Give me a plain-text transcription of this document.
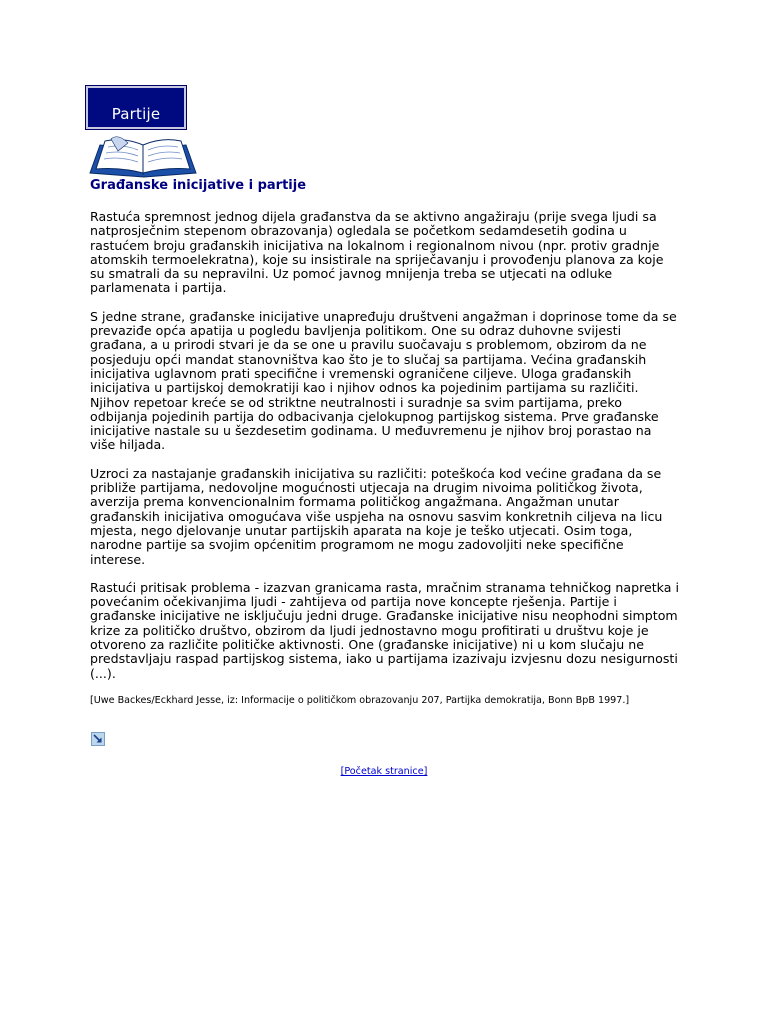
Partije
Građanske inicijative i partije

Rastuća spremnost jednog dijela građanstva da se aktivno angažiraju (prije svega ljudi sa natprosječnim stepenom obrazovanja) ogledala se početkom sedamdesetih godina u rastućem broju građanskih inicijativa na lokalnom i regionalnom nivou (npr. protiv gradnje atomskih termoelekratna), koje su insistirale na spriječavanju i provođenju planova za koje su smatrali da su nepravilni. Uz pomoć javnog mnijenja treba se utjecati na odluke parlamenata i partija.

S jedne strane, građanske inicijative unapređuju društveni angažman i doprinose tome da se prevaziđe opća apatija u pogledu bavljenja politikom. One su odraz duhovne svijesti građana, a u prirodi stvari je da se one u pravilu suočavaju s problemom, obzirom da ne posjeduju opći mandat stanovništva kao što je to slučaj sa partijama. Većina građanskih inicijativa uglavnom prati specifične i vremenski ograničene ciljeve. Uloga građanskih inicijativa u partijskoj demokratiji kao i njihov odnos ka pojedinim partijama su različiti. Njihov repetoar kreće se od striktne neutralnosti i suradnje sa svim partijama, preko odbijanja pojedinih partija do odbacivanja cjelokupnog partijskog sistema. Prve građanske inicijative nastale su u šezdesetim godinama. U međuvremenu je njihov broj porastao na više hiljada.

Uzroci za nastajanje građanskih inicijativa su različiti: poteškoća kod većine građana da se približe partijama, nedovoljne mogućnosti utjecaja na drugim nivoima političkog života, averzija prema konvencionalnim formama političkog angažmana. Angažman unutar građanskih inicijativa omogućava više uspjeha na osnovu sasvim konkretnih ciljeva na licu mjesta, nego djelovanje unutar partijskih aparata na koje je teško utjecati. Osim toga, narodne partije sa svojim općenitim programom ne mogu zadovoljiti neke specifične interese.

Rastući pritisak problema - izazvan granicama rasta, mračnim stranama tehničkog napretka i povećanim očekivanjima ljudi - zahtijeva od partija nove koncepte rješenja. Partije i građanske inicijative ne isključuju jedni druge. Građanske inicijative nisu neophodni simptom krize za političko društvo, obzirom da ljudi jednostavno mogu profitirati u društvu koje je otvoreno za različite političke aktivnosti. One (građanske inicijative) ni u kom slučaju ne predstavljaju raspad partijskog sistema, iako u partijama izazivaju izvjesnu dozu nesigurnosti (...).

[Uwe Backes/Eckhard Jesse, iz: Informacije o političkom obrazovanju 207, Partijka demokratija, Bonn BpB 1997.]

[Početak stranice]
